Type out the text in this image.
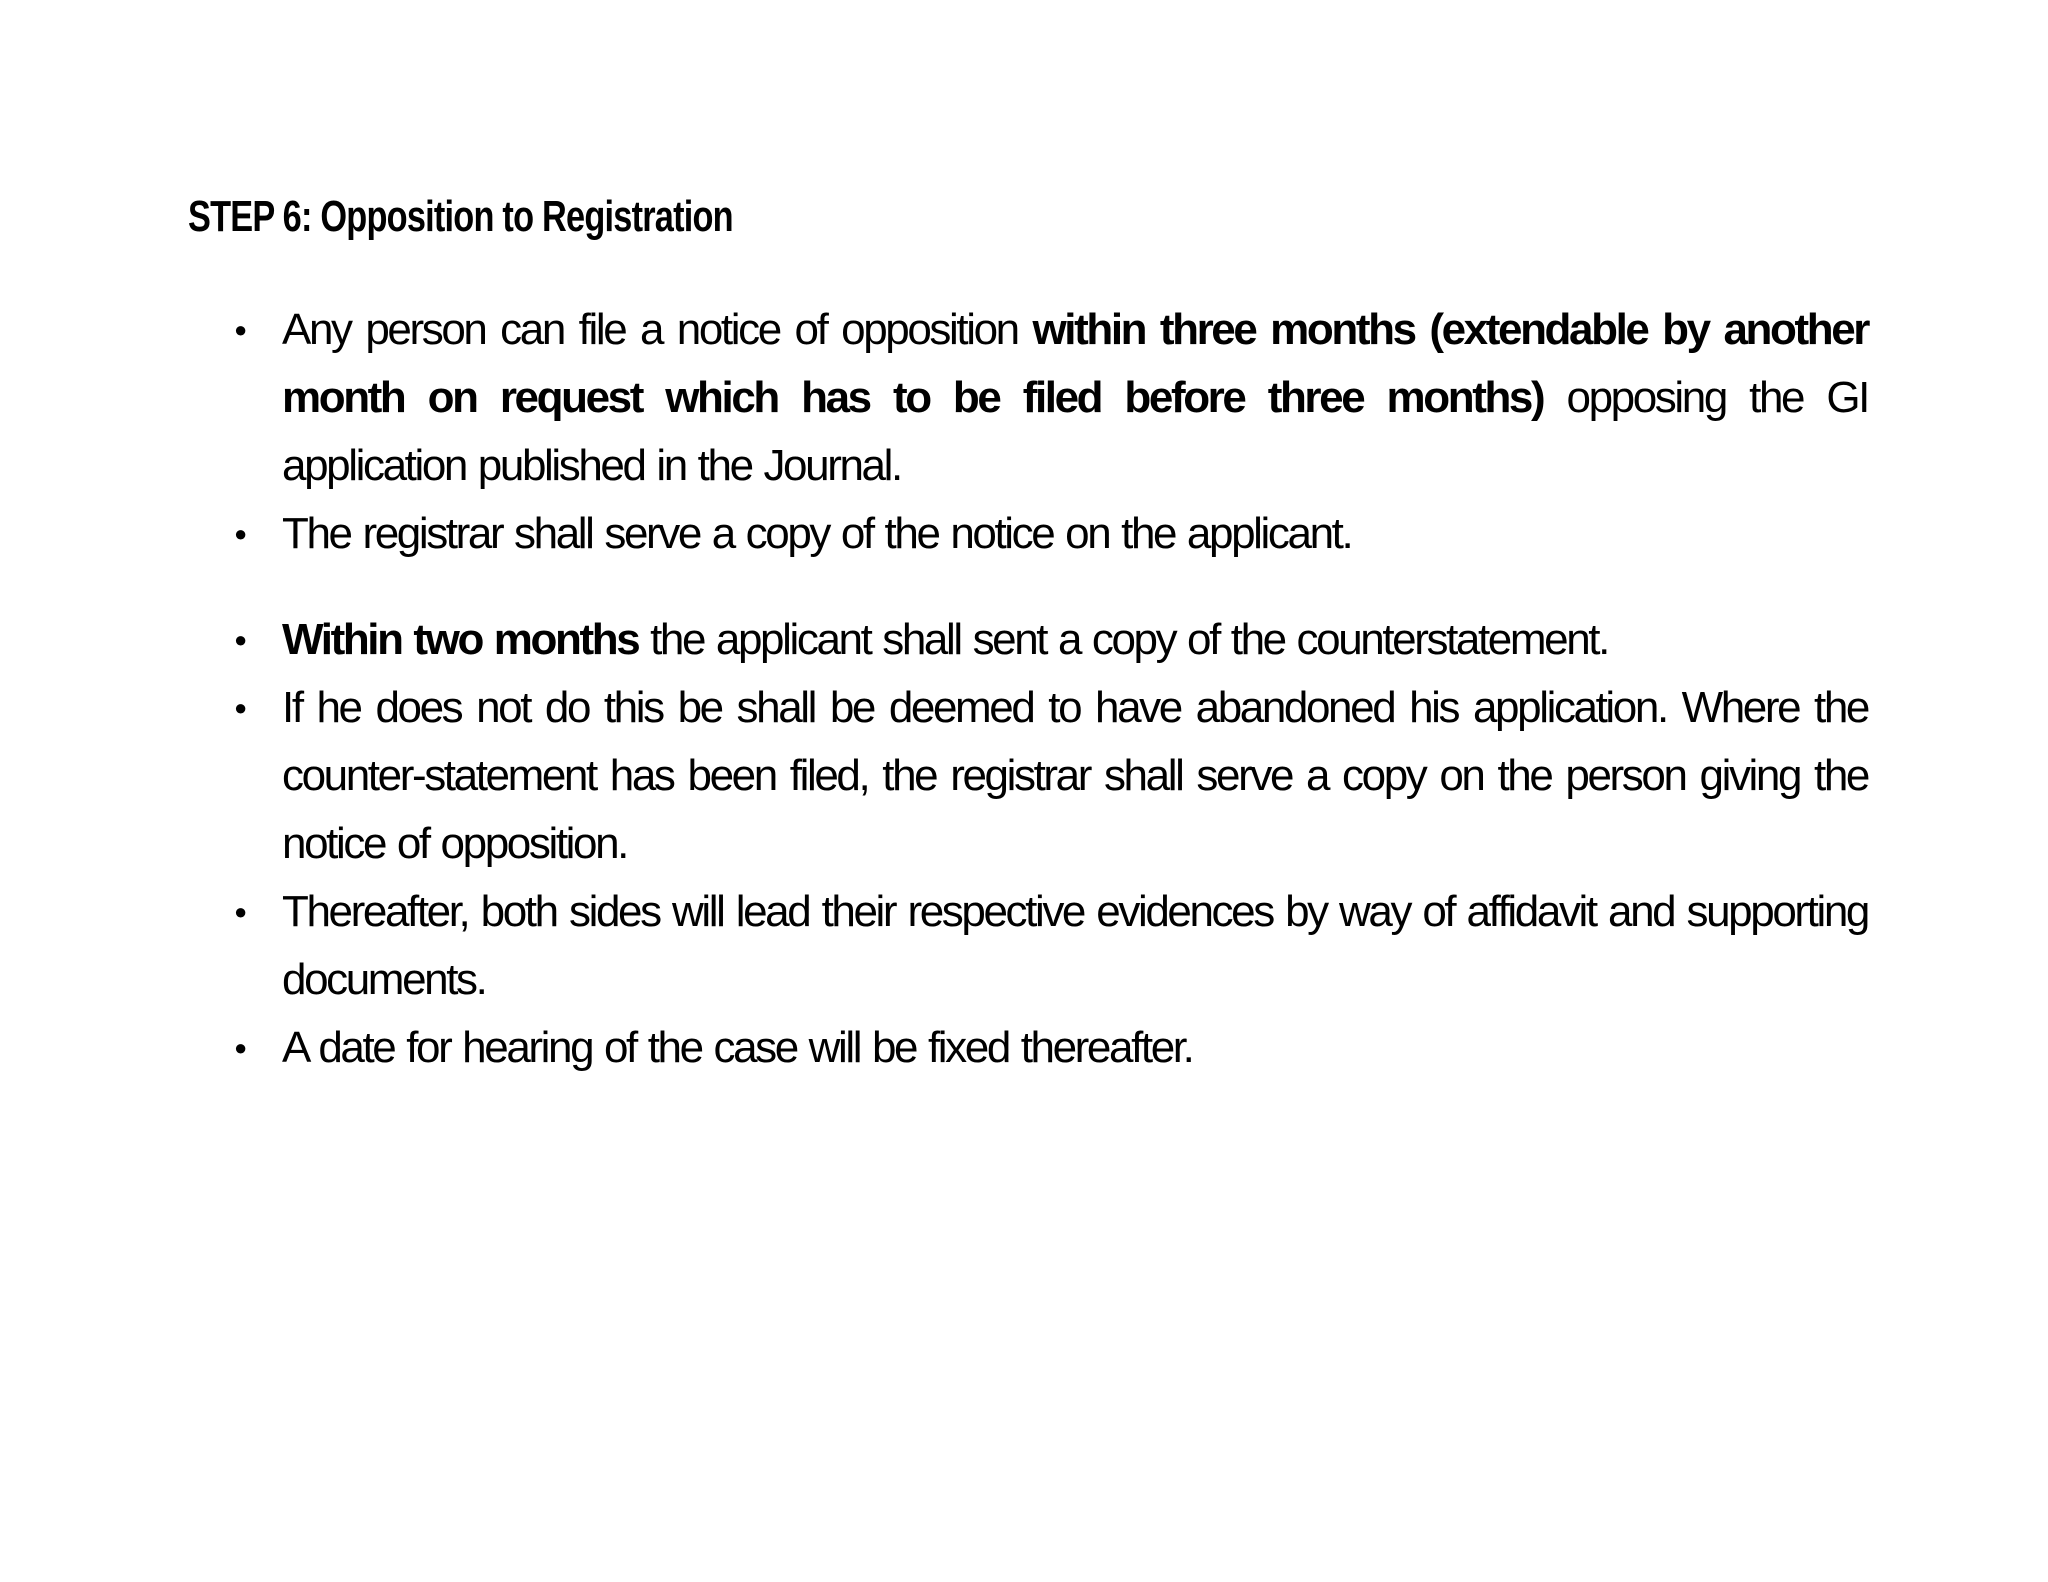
STEP 6: Opposition to Registration
● Any person can file a notice of opposition within three months (extendable by another month on request which has to be filed before three months) opposing the GI application published in the Journal.
● The registrar shall serve a copy of the notice on the applicant.
● Within two months the applicant shall sent a copy of the counterstatement.
● If he does not do this be shall be deemed to have abandoned his application. Where the counter-statement has been filed, the registrar shall serve a copy on the person giving the notice of opposition.
● Thereafter, both sides will lead their respective evidences by way of affidavit and supporting documents.
● A date for hearing of the case will be fixed thereafter.
